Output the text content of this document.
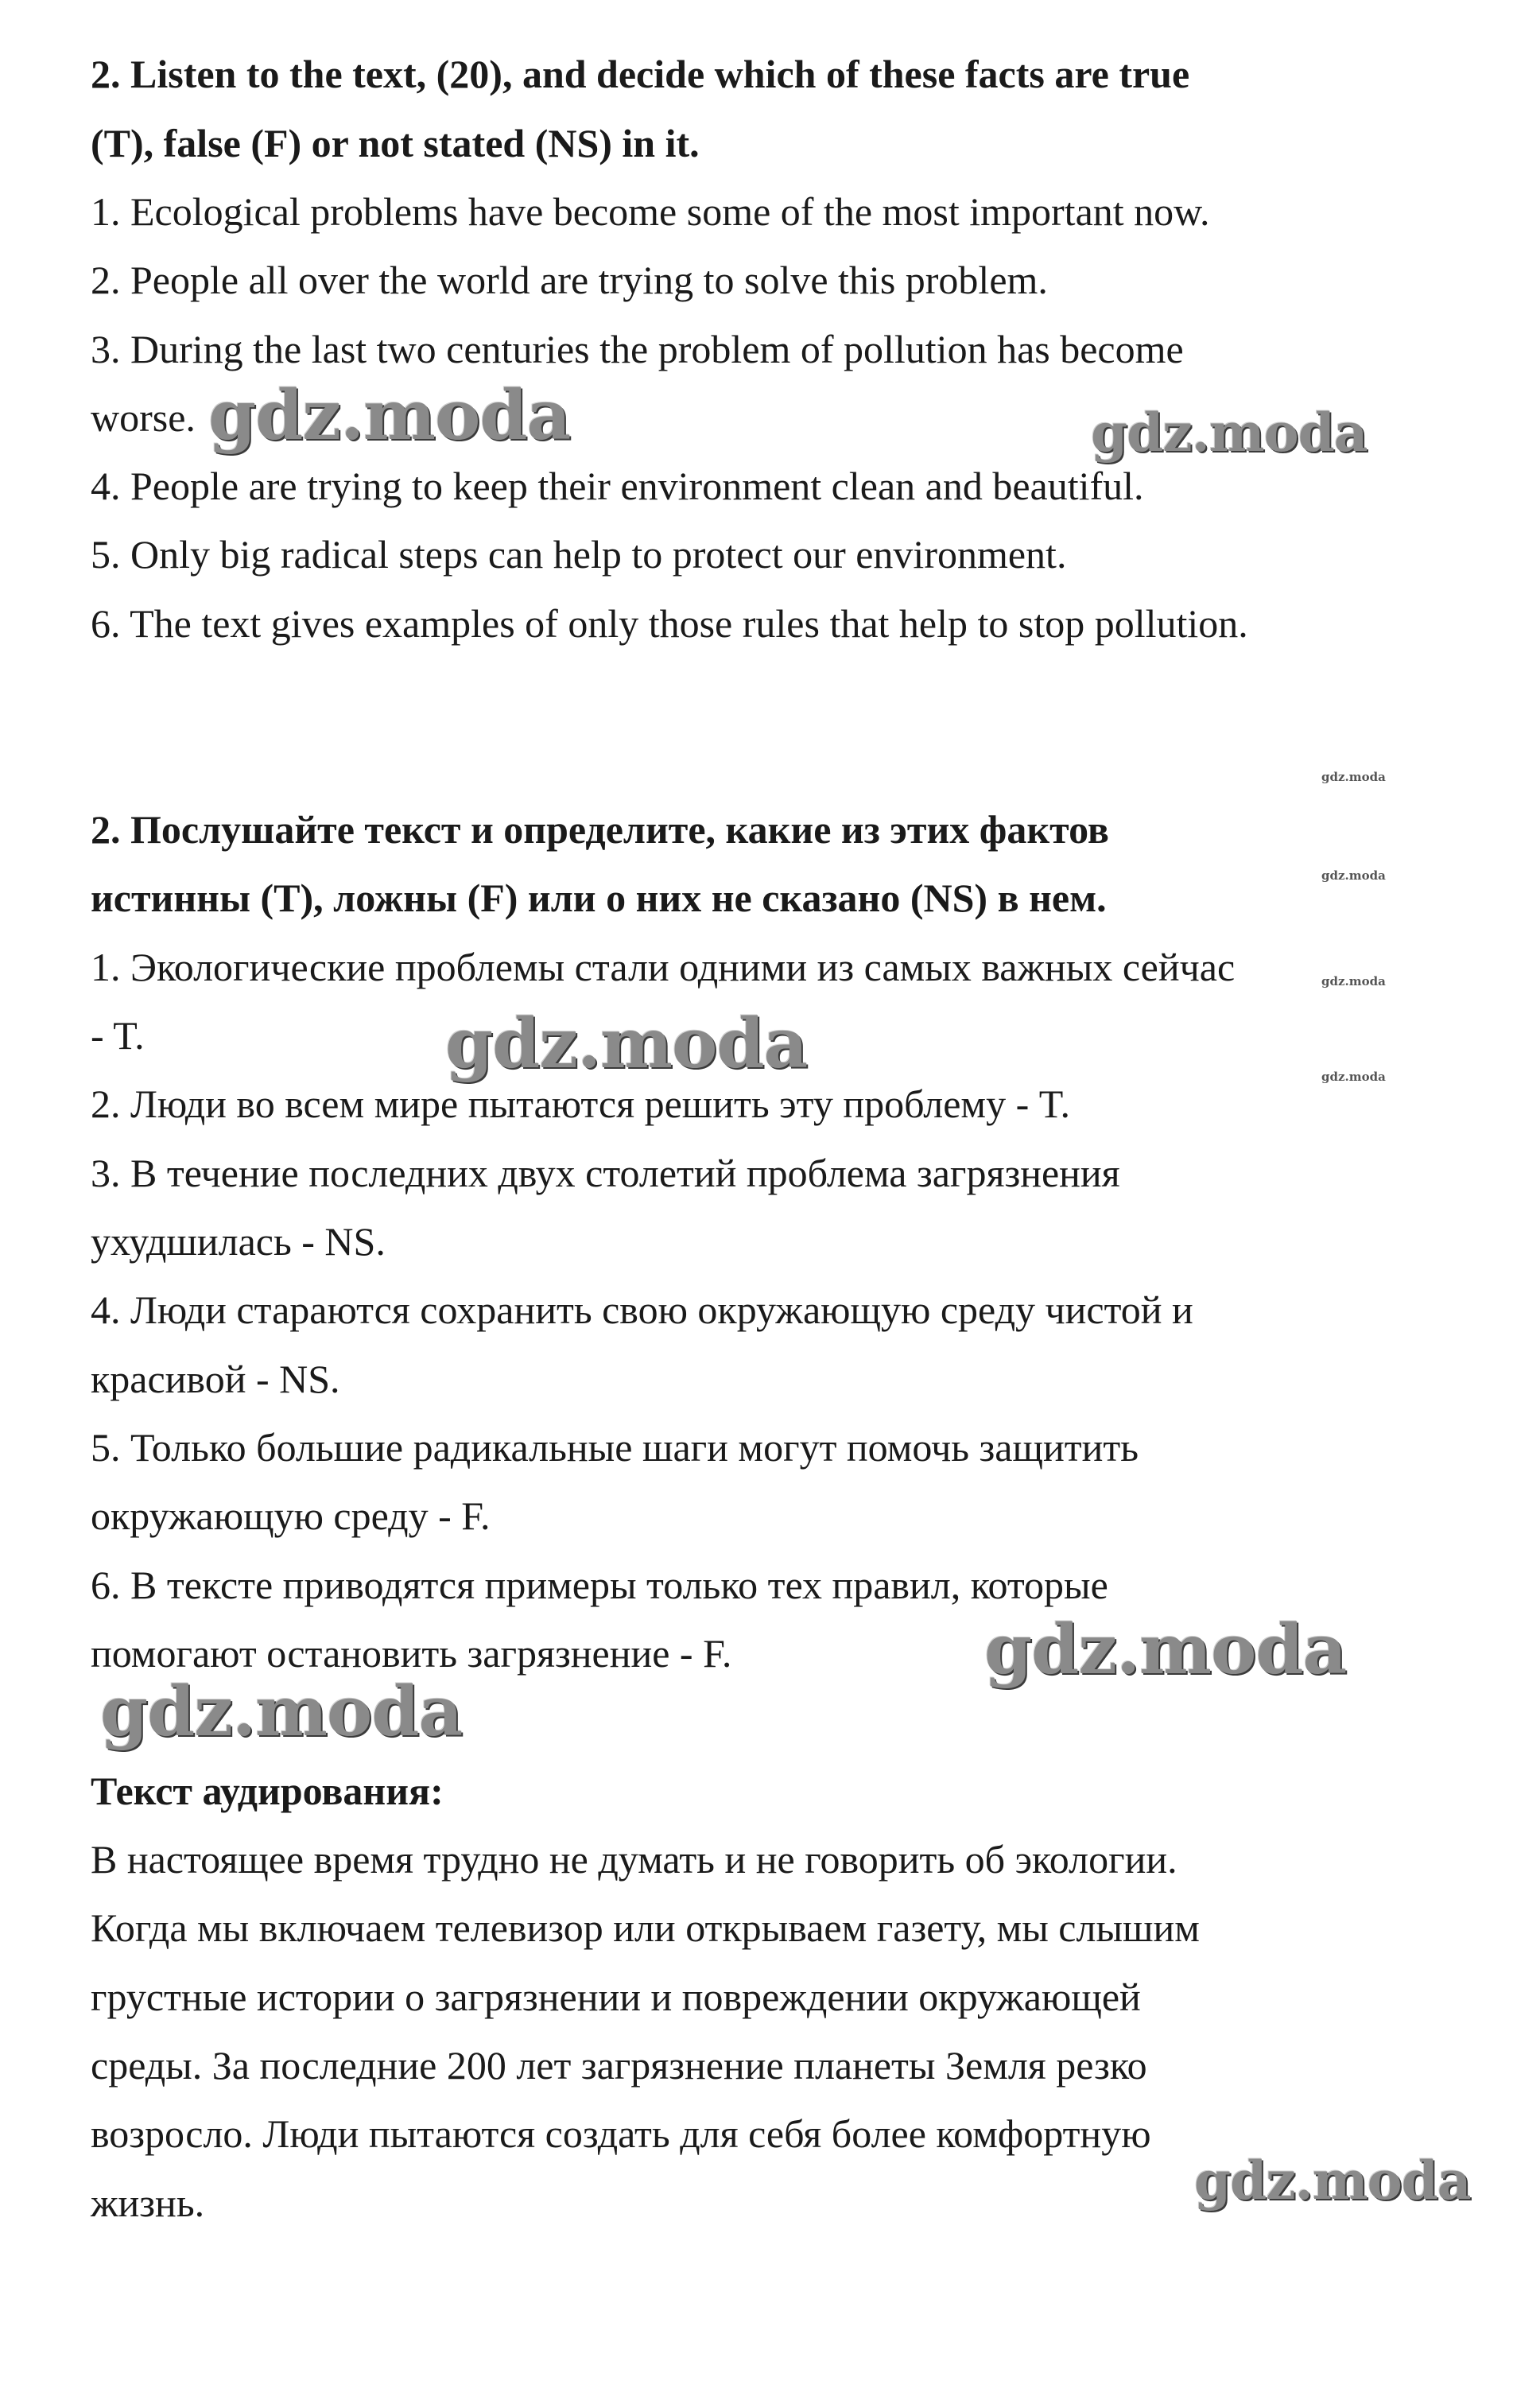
2. Listen to the text, (20), and decide which of these facts are true

(T), false (F) or not stated (NS) in it.

1. Ecological problems have become some of the most important now.

2. People all over the world are trying to solve this problem.

3. During the last two centuries the problem of pollution has become

worse.

4. People are trying to keep their environment clean and beautiful.

5. Only big radical steps can help to protect our environment.

6. The text gives examples of only those rules that help to stop pollution.

2. Послушайте текст и определите, какие из этих фактов

истинны (T), ложны (F) или о них не сказано (NS) в нем.

1. Экологические проблемы стали одними из самых важных сейчас

- T.

2. Люди во всем мире пытаются решить эту проблему - T.

3. В течение последних двух столетий проблема загрязнения

ухудшилась - NS.

4. Люди стараются сохранить свою окружающую среду чистой и

красивой - NS.

5. Только большие радикальные шаги могут помочь защитить

окружающую среду - F.

6. В тексте приводятся примеры только тех правил, которые

помогают остановить загрязнение - F.

Текст аудирования:

В настоящее время трудно не думать и не говорить об экологии.

Когда мы включаем телевизор или открываем газету, мы слышим

грустные истории о загрязнении и повреждении окружающей

среды. За последние 200 лет загрязнение планеты Земля резко

возросло. Люди пытаются создать для себя более комфортную

жизнь.

gdz.moda	gdz.moda
gdz.moda
gdz.moda
gdz.moda
gdz.moda	gdz.moda
gdz.moda
gdz.moda
gdz.moda
